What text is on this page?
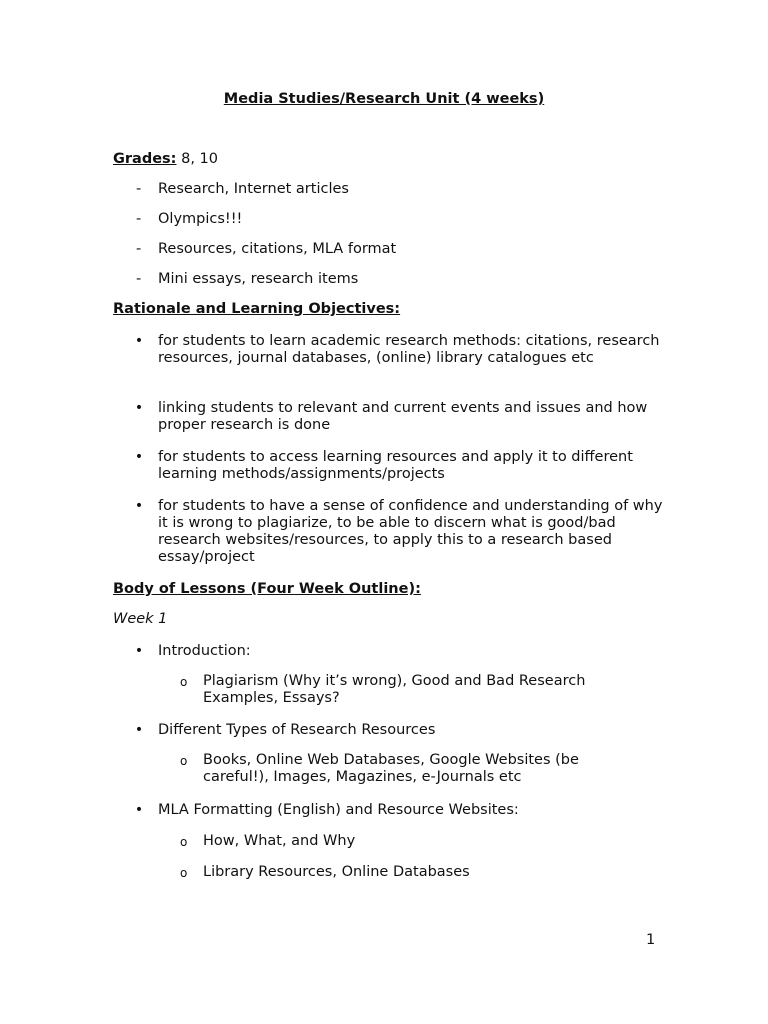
Media Studies/Research Unit (4 weeks)
Grades: 8, 10
-	Research, Internet articles
-	Olympics!!!
-	Resources, citations, MLA format
-	Mini essays, research items
Rationale and Learning Objectives:
• for students to learn academic research methods: citations, research resources, journal databases, (online) library catalogues etc
• linking students to relevant and current events and issues and how proper research is done
• for students to access learning resources and apply it to different learning methods/assignments/projects
• for students to have a sense of confidence and understanding of why it is wrong to plagiarize, to be able to discern what is good/bad research websites/resources, to apply this to a research based essay/project
Body of Lessons (Four Week Outline):
Week 1
• Introduction:
o	Plagiarism (Why it’s wrong), Good and Bad Research Examples, Essays?
• Different Types of Research Resources
o	Books, Online Web Databases, Google Websites (be careful!), Images, Magazines, e-Journals etc
• MLA Formatting (English) and Resource Websites:
o	How, What, and Why
o	Library Resources, Online Databases
1
